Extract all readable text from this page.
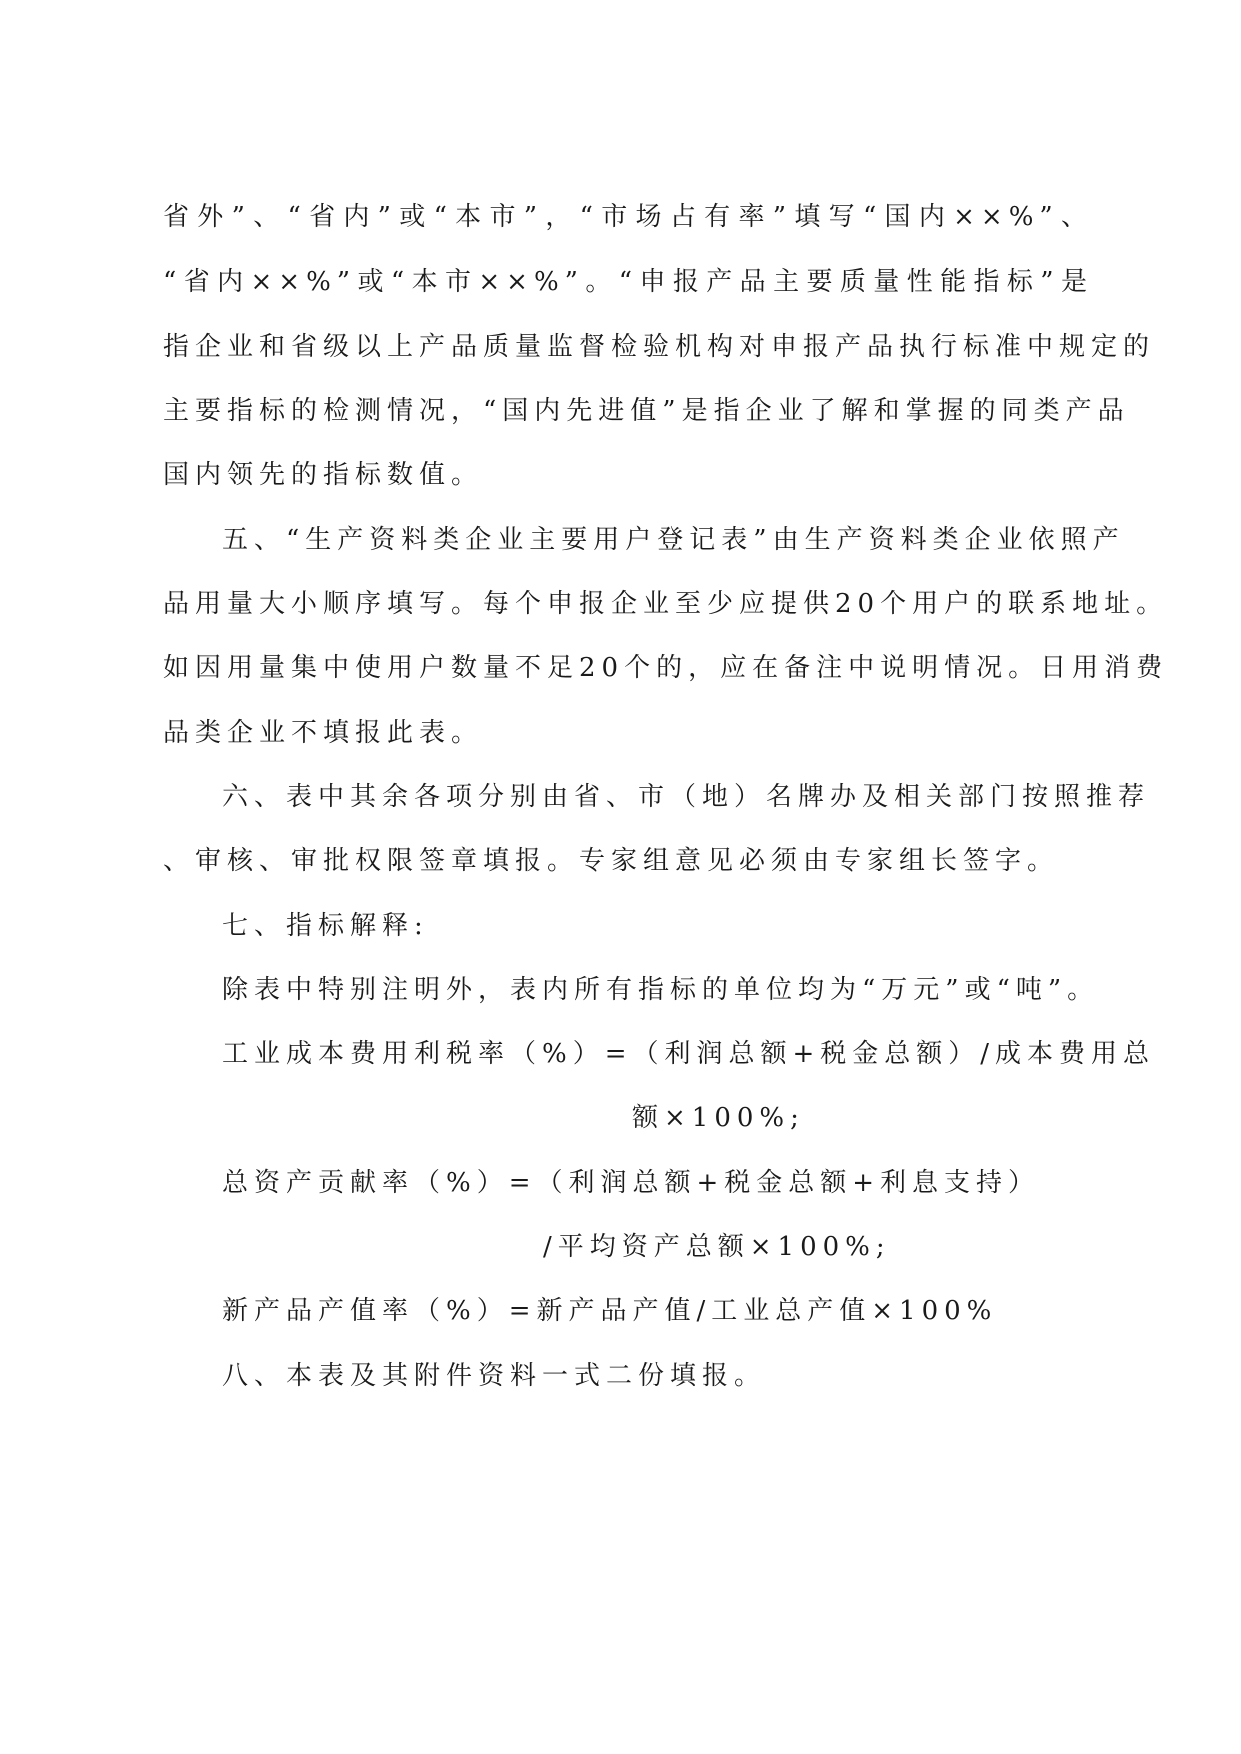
省外”、“省内”或“本市”，“市场占有率”填写“国内××%”、
“省内××%”或“本市××%”。“申报产品主要质量性能指标”是
指企业和省级以上产品质量监督检验机构对申报产品执行标准中规定的
主要指标的检测情况，“国内先进值”是指企业了解和掌握的同类产品
国内领先的指标数值。
五、“生产资料类企业主要用户登记表”由生产资料类企业依照产
品用量大小顺序填写。每个申报企业至少应提供20个用户的联系地址。
如因用量集中使用户数量不足20个的，应在备注中说明情况。日用消费
品类企业不填报此表。
六、表中其余各项分别由省、市（地）名牌办及相关部门按照推荐
、审核、审批权限签章填报。专家组意见必须由专家组长签字。
七、指标解释:
除表中特别注明外，表内所有指标的单位均为“万元”或“吨”。
工业成本费用利税率（%）=（利润总额+税金总额）/成本费用总
额×100%;
总资产贡献率（%）=（利润总额+税金总额+利息支持）
/平均资产总额×100%;
新产品产值率（%）=新产品产值/工业总产值×100%
八、本表及其附件资料一式二份填报。
